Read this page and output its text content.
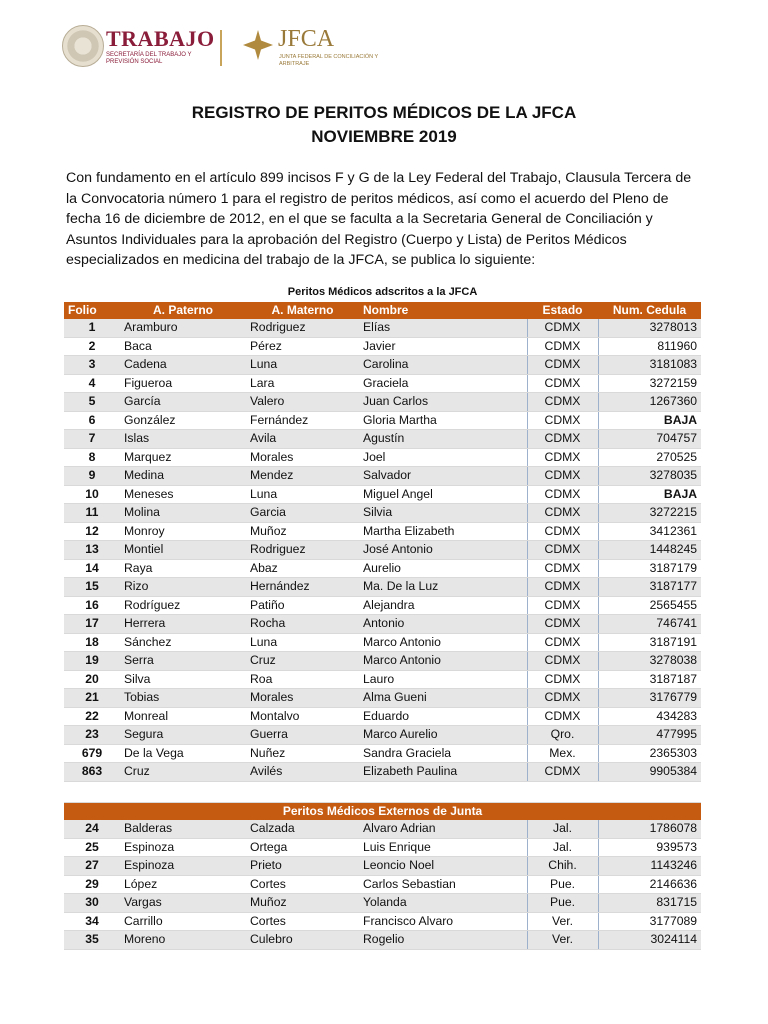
TRABAJO
SECRETARÍA DEL TRABAJO Y PREVISIÓN SOCIAL
JFCA
JUNTA FEDERAL DE CONCILIACIÓN Y ARBITRAJE
REGISTRO DE PERITOS MÉDICOS DE LA JFCA
NOVIEMBRE 2019
Con fundamento en el artículo 899 incisos F y G de la Ley Federal del Trabajo, Clausula Tercera de la Convocatoria número 1 para el registro de peritos médicos, así como el acuerdo del Pleno de fecha 16 de diciembre de 2012, en el que se faculta a la Secretaria General de Conciliación y Asuntos Individuales para la aprobación del Registro (Cuerpo y Lista) de Peritos Médicos especializados en medicina del trabajo de la JFCA, se publica lo siguiente:
Peritos Médicos adscritos a la JFCA					
Folio	A. Paterno	A. Materno	Nombre	Estado	Num. Cedula
1	Aramburo	Rodriguez	Elías	CDMX	3278013
2	Baca	Pérez	Javier	CDMX	811960
3	Cadena	Luna	Carolina	CDMX	3181083
4	Figueroa	Lara	Graciela	CDMX	3272159
5	García	Valero	Juan Carlos	CDMX	1267360
6	González	Fernández	Gloria Martha	CDMX	BAJA
7	Islas	Avila	Agustín	CDMX	704757
8	Marquez	Morales	Joel	CDMX	270525
9	Medina	Mendez	Salvador	CDMX	3278035
10	Meneses	Luna	Miguel Angel	CDMX	BAJA
11	Molina	Garcia	Silvia	CDMX	3272215
12	Monroy	Muñoz	Martha Elizabeth	CDMX	3412361
13	Montiel	Rodriguez	José Antonio	CDMX	1448245
14	Raya	Abaz	Aurelio	CDMX	3187179
15	Rizo	Hernández	Ma. De la Luz	CDMX	3187177
16	Rodríguez	Patiño	Alejandra	CDMX	2565455
17	Herrera	Rocha	Antonio	CDMX	746741
18	Sánchez	Luna	Marco Antonio	CDMX	3187191
19	Serra	Cruz	Marco Antonio	CDMX	3278038
20	Silva	Roa	Lauro	CDMX	3187187
21	Tobias	Morales	Alma Gueni	CDMX	3176779
22	Monreal	Montalvo	Eduardo	CDMX	434283
23	Segura	Guerra	Marco Aurelio	Qro.	477995
679	De la Vega	Nuñez	Sandra Graciela	Mex.	2365303
863	Cruz	Avilés	Elizabeth Paulina	CDMX	9905384

Peritos Médicos Externos de Junta					
24	Balderas	Calzada	Alvaro Adrian	Jal.	1786078
25	Espinoza	Ortega	Luis Enrique	Jal.	939573
27	Espinoza	Prieto	Leoncio Noel	Chih.	1143246
29	López	Cortes	Carlos Sebastian	Pue.	2146636
30	Vargas	Muñoz	Yolanda	Pue.	831715
34	Carrillo	Cortes	Francisco Alvaro	Ver.	3177089
35	Moreno	Culebro	Rogelio	Ver.	3024114
